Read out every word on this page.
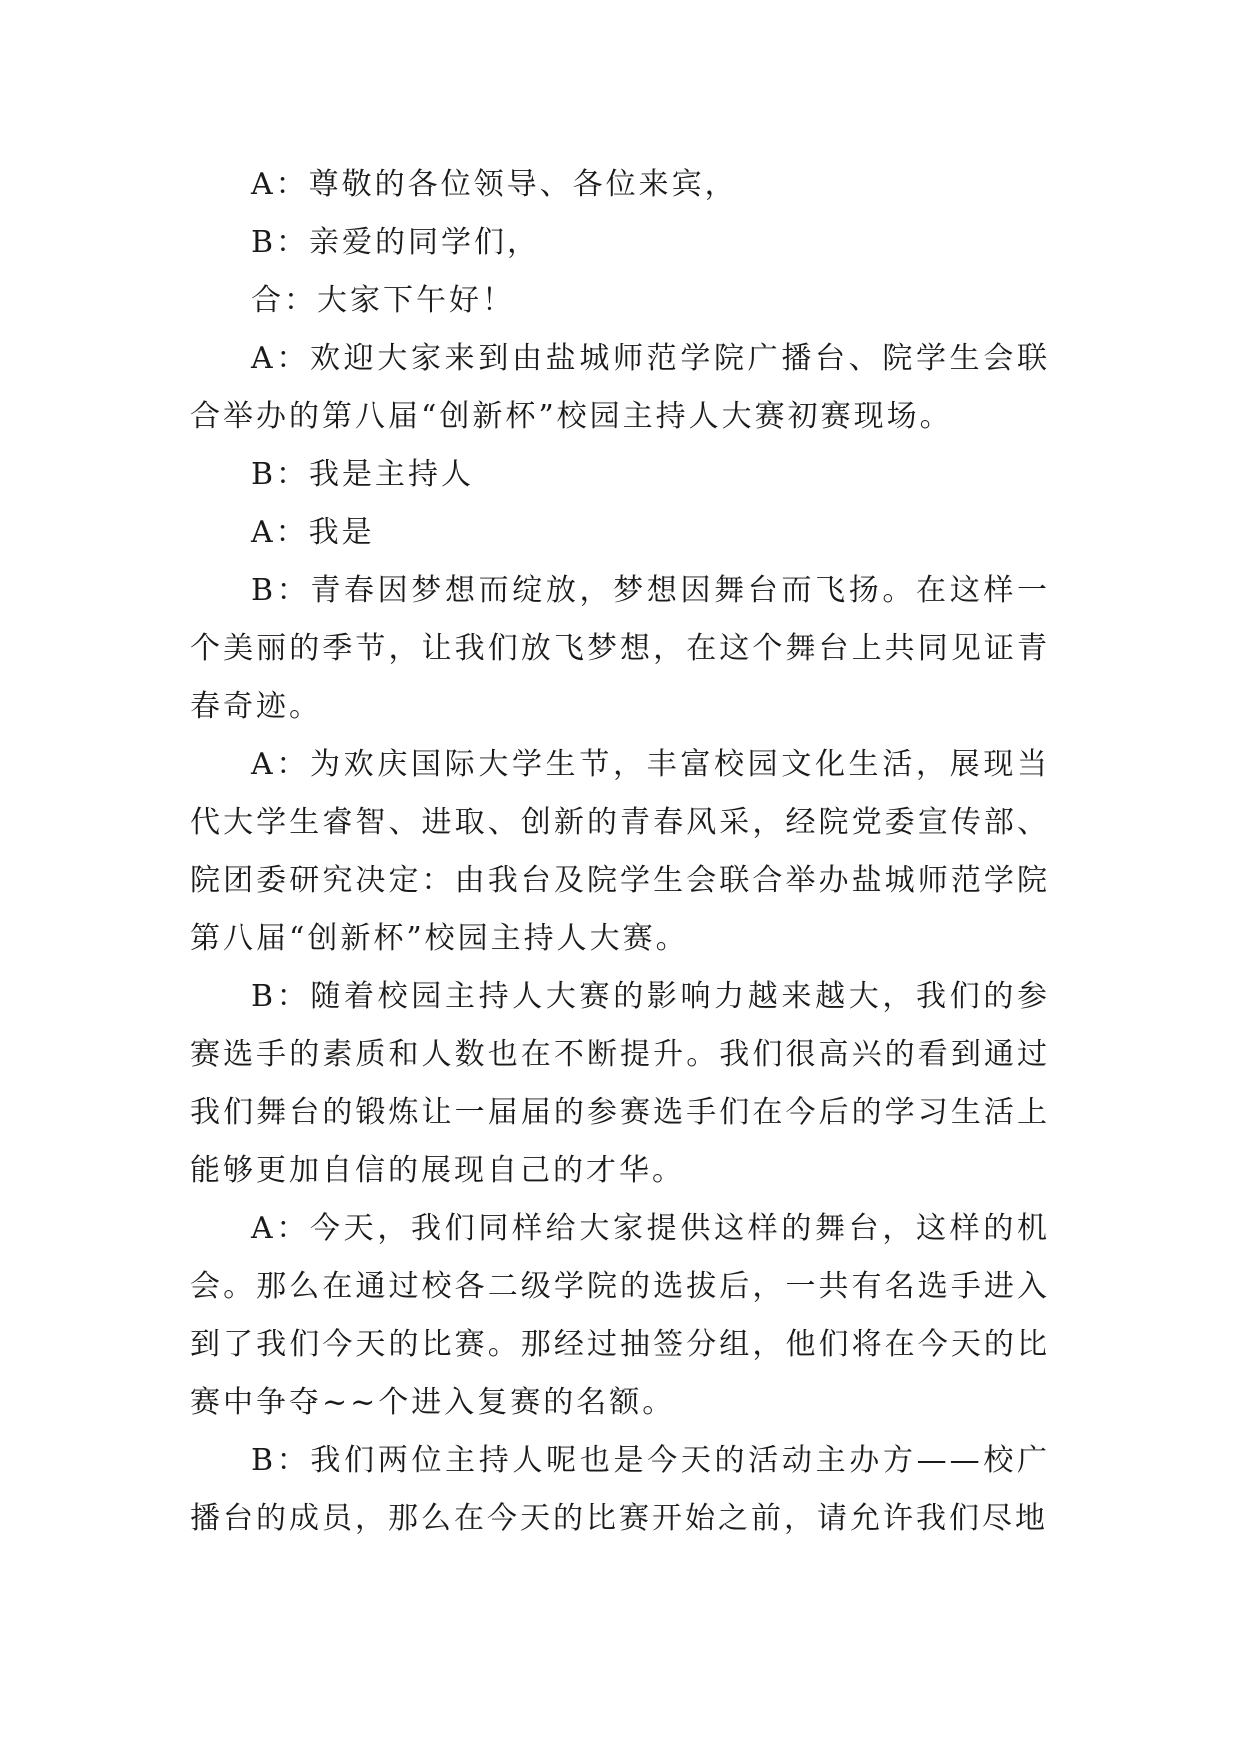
A：尊敬的各位领导、各位来宾，

B：亲爱的同学们，

合：大家下午好！

A：欢迎大家来到由盐城师范学院广播台、院学生会联合举办的第八届“创新杯”校园主持人大赛初赛现场。

B：我是主持人

A：我是

B：青春因梦想而绽放，梦想因舞台而飞扬。在这样一个美丽的季节，让我们放飞梦想，在这个舞台上共同见证青春奇迹。

A：为欢庆国际大学生节，丰富校园文化生活，展现当代大学生睿智、进取、创新的青春风采，经院党委宣传部、院团委研究决定：由我台及院学生会联合举办盐城师范学院第八届“创新杯”校园主持人大赛。

B：随着校园主持人大赛的影响力越来越大，我们的参赛选手的素质和人数也在不断提升。我们很高兴的看到通过我们舞台的锻炼让一届届的参赛选手们在今后的学习生活上能够更加自信的展现自己的才华。

A：今天，我们同样给大家提供这样的舞台，这样的机会。那么在通过校各二级学院的选拔后，一共有名选手进入到了我们今天的比赛。那经过抽签分组，他们将在今天的比赛中争夺~~个进入复赛的名额。

B：我们两位主持人呢也是今天的活动主办方——校广播台的成员，那么在今天的比赛开始之前，请允许我们尽地
